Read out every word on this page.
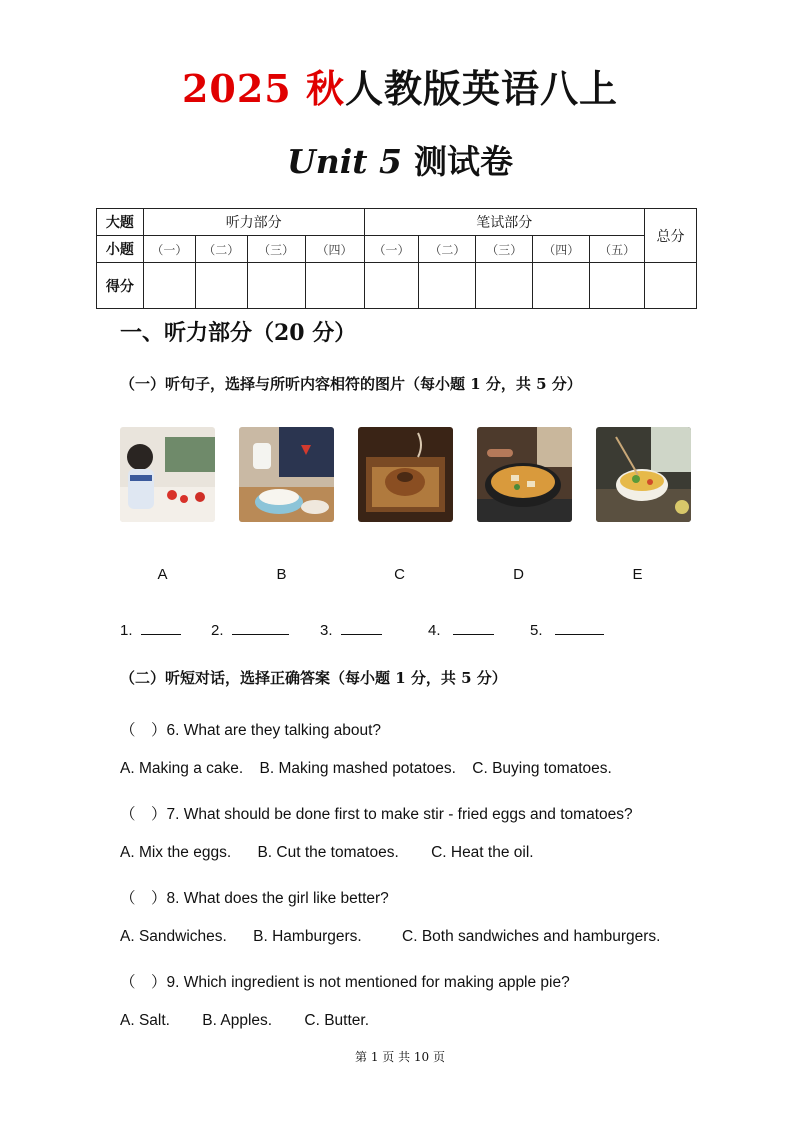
2025 秋人教版英语八上
Unit 5 测试卷
大题	听力部分				笔试部分					总分
小题	（一）	（二）	（三）	（四）	（一）	（二）	（三）	（四）	（五）	
得分										
一、听力部分（20 分）
（一）听句子，选择与所听内容相符的图片（每小题 1 分，共 5 分）
A	B	C	D	E
1.	2.	3.	4.	5.
（二）听短对话，选择正确答案（每小题 1 分，共 5 分）
（　）6. What are they talking about?
A. Making a cake. B. Making mashed potatoes. C. Buying tomatoes.
（　）7. What should be done first to make stir - fried eggs and tomatoes?
A. Mix the eggs. B. Cut the tomatoes. C. Heat the oil.
（　）8. What does the girl like better?
A. Sandwiches. B. Hamburgers.	C. Both sandwiches and hamburgers.
（　）9. Which ingredient is not mentioned for making apple pie?
A. Salt. B. Apples. C. Butter.
第 1 页 共 10 页
